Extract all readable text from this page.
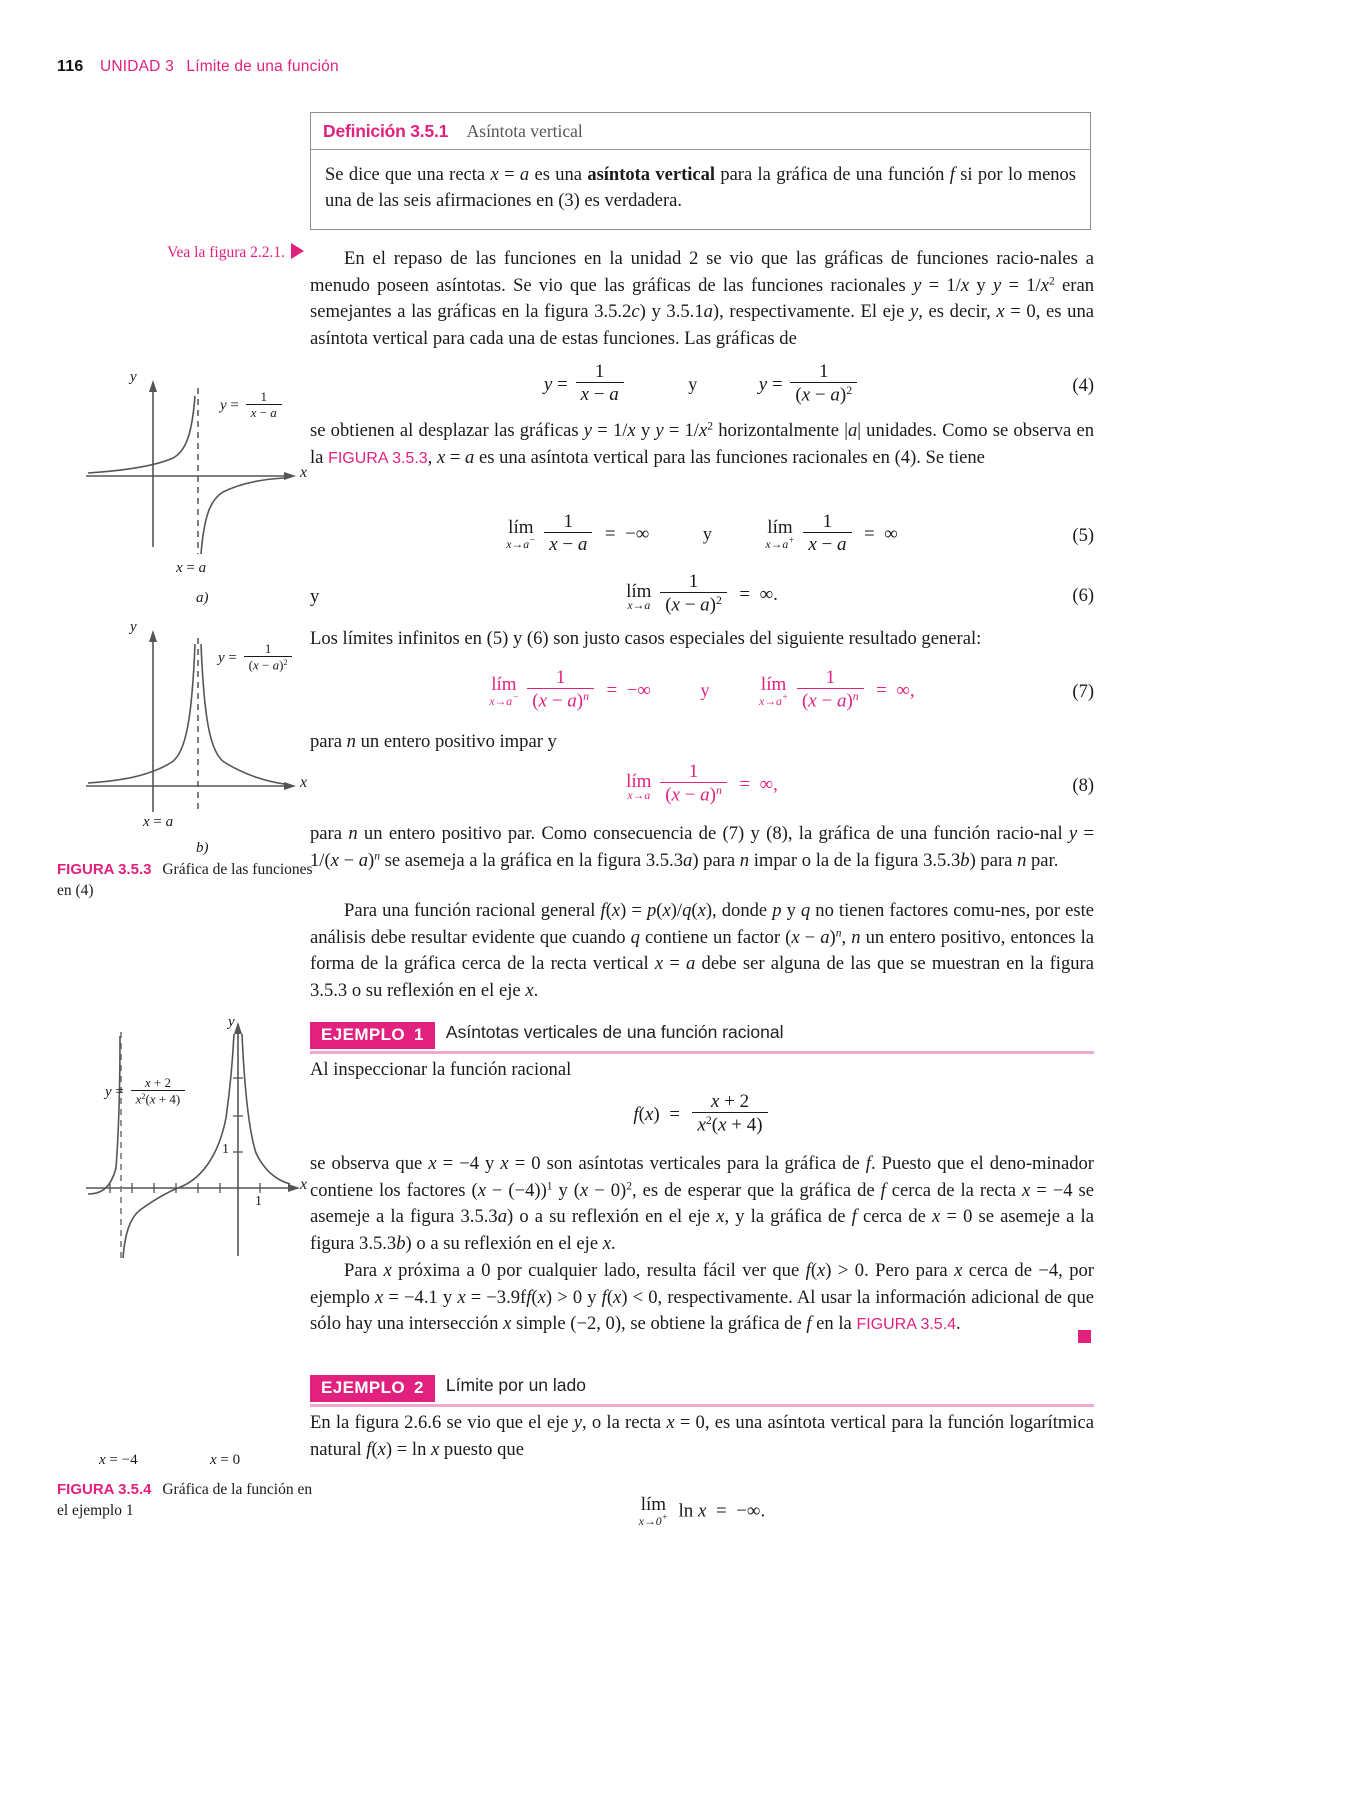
116 UNIDAD 3 Límite de una función
Definición 3.5.1 Asíntota vertical
Se dice que una recta x = a es una asíntota vertical para la gráfica de una función f si por lo menos una de las seis afirmaciones en (3) es verdadera.
Vea la figura 2.2.1.	En el repaso de las funciones en la unidad 2 se vio que las gráficas de funciones racio-nales a menudo poseen asíntotas. Se vio que las gráficas de las funciones racionales y = 1/x y $y = 1/x^2$ eran semejantes a las gráficas en la figura 3.5.2c) y 3.5.1a), respectivamente. El eje y, es decir, x = 0, es una asíntota vertical para cada una de estas funciones. Las gráficas de
$y = \frac{1}{x - a}$	y	$y = \frac{1}{(x - a)^2}$	(4)
se obtienen al desplazar las gráficas y = 1/x y $y = 1/x^2$ horizontalmente |a| unidades. Como se observa en la FIGURA 3.5.3, x = a es una asíntota vertical para las funciones racionales en (4). Se tiene
lím
x→a−
$\frac{1}{x - a}$ =  −∞	y	lím
x→a+
$\frac{1}{x - a}$ =  ∞	(5)
y	lím
x→a
$\frac{1}{(x - a)^2}$ =  ∞.	(6)
Los límites infinitos en (5) y (6) son justo casos especiales del siguiente resultado general:
lím
x→a−
$\frac{1}{(x - a)^n}$ =  −∞  y	lím
x→a+
$\frac{1}{(x - a)^n}$ =  ∞,	(7)
para n un entero positivo impar y
lím
x→a
$\frac{1}{(x - a)^n}$ =  ∞,	(8)
para n un entero positivo par. Como consecuencia de (7) y (8), la gráfica de una función racio-nal $y = 1/(x - a)^n$ se asemeja a la gráfica en la figura 3.5.3a) para n impar o la de la figura 3.5.3b) para n par.
Para una función racional general f(x) = p(x)/q(x), donde p y q no tienen factores comu-nes, por este análisis debe resultar evidente que cuando q contiene un factor $(x - a)^n$, n un entero positivo, entonces la forma de la gráfica cerca de la recta vertical x = a debe ser alguna de las que se muestran en la figura 3.5.3 o su reflexión en el eje x.
EJEMPLO 1 Asíntotas verticales de una función racional
Al inspeccionar la función racional
$f(x) = \frac{x + 2}{x^2(x + 4)}$
se observa que x = −4 y x = 0 son asíntotas verticales para la gráfica de f. Puesto que el deno-minador contiene los factores $(x - (-4))^1$ y $(x - 0)^2$, es de esperar que la gráfica de f cerca de la recta x = −4 se asemeje a la figura 3.5.3a) o a su reflexión en el eje x, y la gráfica de f cerca de x = 0 se asemeje a la figura 3.5.3b) o a su reflexión en el eje x.
Para x próxima a 0 por cualquier lado, resulta fácil ver que f(x) > 0. Pero para x cerca de −4, por ejemplo x = −4.1 y x = −3.9ff(x) > 0 y f(x) < 0, respectivamente. Al usar la información adicional de que sólo hay una intersección x simple (−2, 0), se obtiene la gráfica de f en la FIGURA 3.5.4.
EJEMPLO 2 Límite por un lado
En la figura 2.6.6 se vio que el eje y, o la recta x = 0, es una asíntota vertical para la función logarítmica natural f(x) = ln x puesto que
lím
x→0+ ln x  =  −∞.
y
x
$y = \frac{1}{x - a}$
x = a
a)
y
x
$y = \frac{1}{(x - a)^2}$
x = a
b)
FIGURA 3.5.3 Gráfica de las funciones en (4)
y
x
$y = \frac{x + 2}{x^2(x + 4)}$
1
1
x = −4	x = 0
FIGURA 3.5.4 Gráfica de la función en el ejemplo 1
